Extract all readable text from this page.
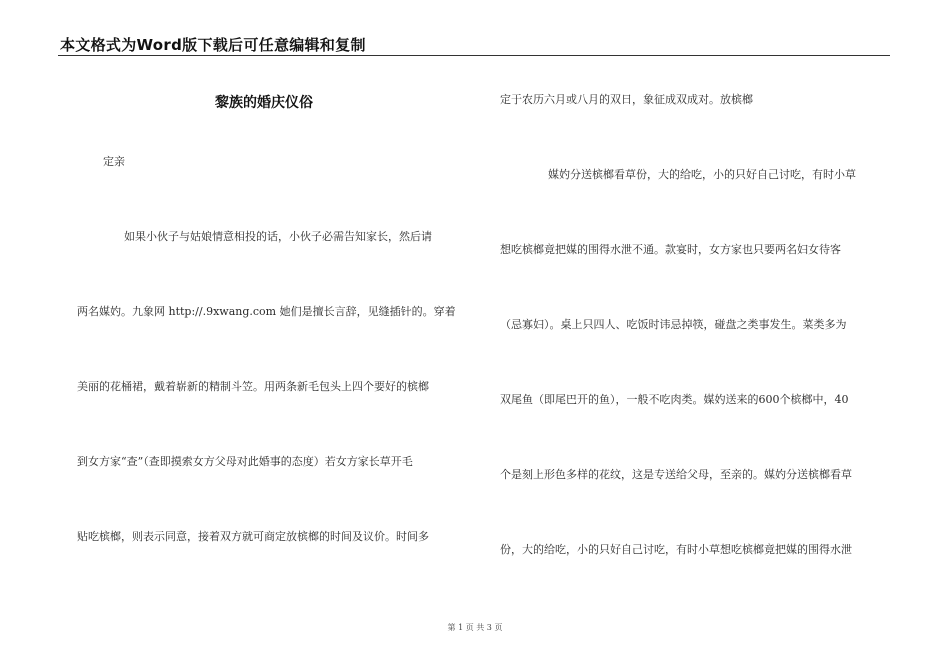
本文格式为Word版下载后可任意编辑和复制
黎族的婚庆仪俗
定亲
如果小伙子与姑娘情意相投的话，小伙子必需告知家长，然后请
两名媒妁。九象网 http://.9xwang.com 她们是擅长言辞，见缝插针的。穿着
美丽的花桶裙，戴着崭新的精制斗笠。用两条新毛包头上四个要好的槟榔
到女方家“查”（查即摸索女方父母对此婚事的态度）若女方家长草开毛
贴吃槟榔，则表示同意，接着双方就可商定放槟榔的时间及议价。时间多
定于农历六月或八月的双日，象征成双成对。放槟榔
媒妁分送槟榔看草份，大的给吃，小的只好自己讨吃，有时小草
想吃槟榔竟把媒的围得水泄不通。款宴时，女方家也只要两名妇女待客
（忌寡妇）。桌上只四人、吃饭时讳忌掉筷，碰盘之类事发生。菜类多为
双尾鱼（即尾巴开的鱼），一般不吃肉类。媒妁送来的600个槟榔中，40
个是刻上形色多样的花纹，这是专送给父母，至亲的。媒妁分送槟榔看草
份，大的给吃，小的只好自己讨吃，有时小草想吃槟榔竟把媒的围得水泄
第 1 页 共 3 页
